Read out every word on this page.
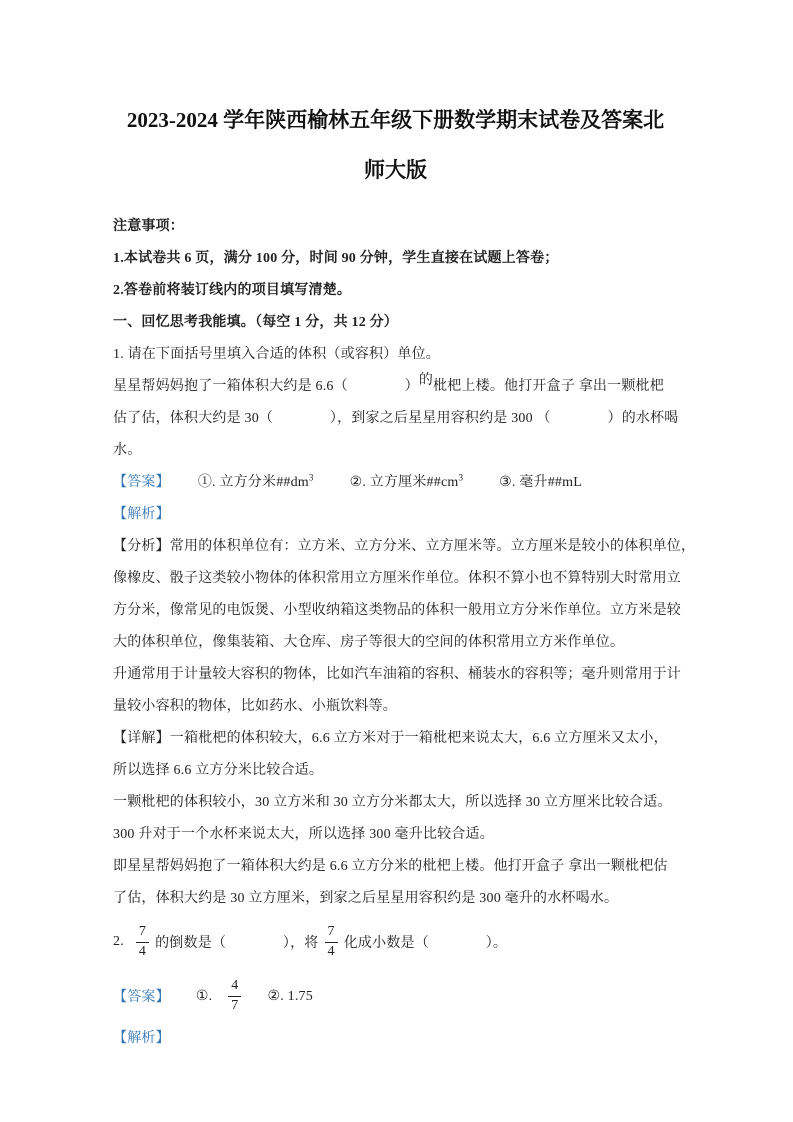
2023-2024 学年陕西榆林五年级下册数学期末试卷及答案北
师大版
注意事项：
1.本试卷共 6 页，满分 100 分，时间 90 分钟，学生直接在试题上答卷；
2.答卷前将装订线内的项目填写清楚。
一、回忆思考我能填。（每空 1 分，共 12 分）
1. 请在下面括号里填入合适的体积（或容积）单位。
星星帮妈妈抱了一箱体积大约是 6.6（　　　　）的枇杷上楼。他打开盒子 拿出一颗枇杷
估了估，体积大约是 30（　　　　），到家之后星星用容积约是 300 （　　　　）的水杯喝
水。
【答案】 ①. 立方分米$\#\#dm^3$	②. 立方厘米$\#\#cm^3$	③. 毫升##mL
【解析】
【分析】常用的体积单位有：立方米、立方分米、立方厘米等。立方厘米是较小的体积单位，
像橡皮、骰子这类较小物体的体积常用立方厘米作单位。体积不算小也不算特别大时常用立
方分米，像常见的电饭煲、小型收纳箱这类物品的体积一般用立方分米作单位。立方米是较
大的体积单位，像集装箱、大仓库、房子等很大的空间的体积常用立方米作单位。
升通常用于计量较大容积的物体，比如汽车油箱的容积、桶装水的容积等；毫升则常用于计
量较小容积的物体，比如药水、小瓶饮料等。
【详解】一箱枇杷的体积较大，6.6 立方米对于一箱枇杷来说太大，6.6 立方厘米又太小，
所以选择 6.6 立方分米比较合适。
一颗枇杷的体积较小，30 立方米和 30 立方分米都太大，所以选择 30 立方厘米比较合适。
300 升对于一个水杯来说太大，所以选择 300 毫升比较合适。
即星星帮妈妈抱了一箱体积大约是 6.6 立方分米的枇杷上楼。他打开盒子 拿出一颗枇杷估
了估，体积大约是 30 立方厘米，到家之后星星用容积约是 300 毫升的水杯喝水。
2. $\frac{7}{4}$ 的倒数是（　　　　），将 $\frac{7}{4}$ 化成小数是（　　　　）。
【答案】 ①. $\frac{4}{7}$ ②. 1.75
【解析】
